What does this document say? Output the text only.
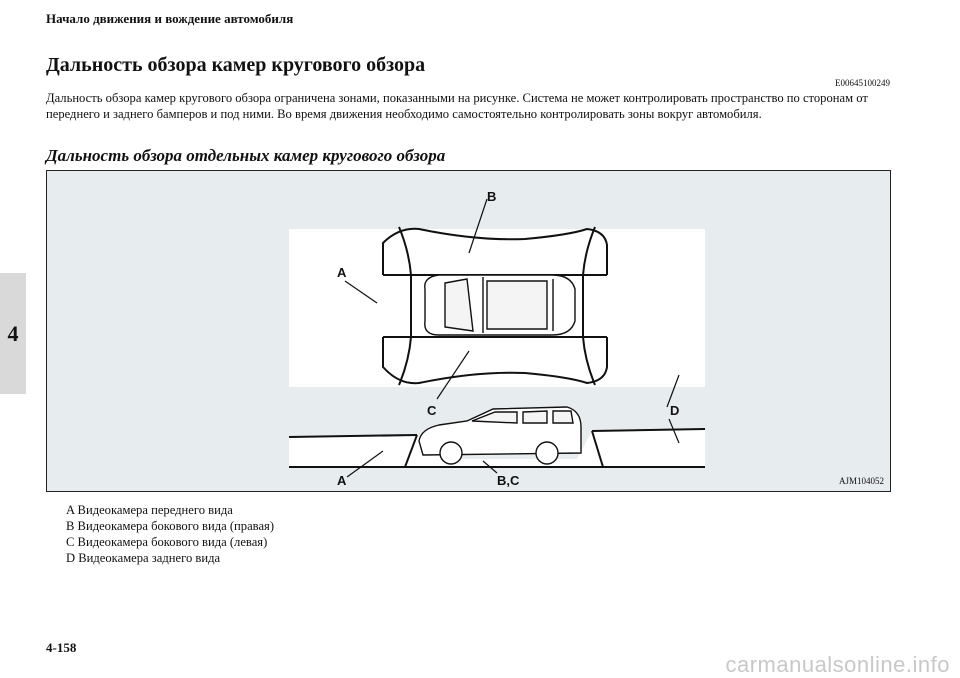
Начало движения и вождение автомобиля
4
Дальность обзора камер кругового обзора
E00645100249
Дальность обзора камер кругового обзора ограничена зонами, показанными на рисунке. Система не может контролировать пространство по сторонам от переднего и заднего бамперов и под ними. Во время движения необходимо самостоятельно контролировать зоны вокруг автомобиля.
Дальность обзора отдельных камер кругового обзора
A
B
C	D
A	B,C	AJM104052
A Видеокамера переднего вида
B Видеокамера бокового вида (правая)
C Видеокамера бокового вида (левая)
D Видеокамера заднего вида
4-158
carmanualsonline.info
